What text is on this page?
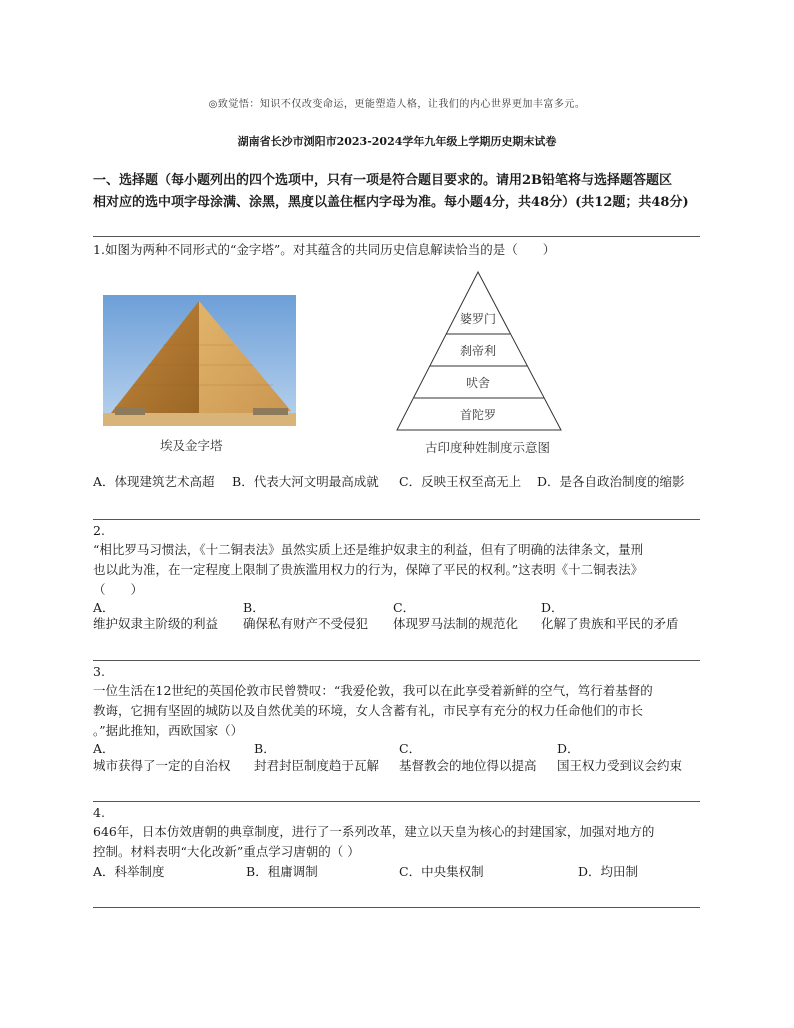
◎致觉悟：知识不仅改变命运，更能塑造人格，让我们的内心世界更加丰富多元。
湖南省长沙市浏阳市2023-2024学年九年级上学期历史期末试卷
一、选择题（每小题列出的四个选项中，只有一项是符合题目要求的。请用2B铅笔将与选择题答题区
相对应的选中项字母涂满、涂黑，黑度以盖住框内字母为准。每小题4分，共48分）(共12题；共48分)
1.如图为两种不同形式的“金字塔”。对其蕴含的共同历史信息解读恰当的是（　　）
埃及金字塔
婆罗门
刹帝利
吠舍
首陀罗
古印度种姓制度示意图
A．体现建筑艺术高超 B．代表大河文明最高成就 C．反映王权至高无上 D．是各自政治制度的缩影
2.
“相比罗马习惯法，《十二铜表法》虽然实质上还是维护奴隶主的利益，但有了明确的法律条文，量刑
也以此为准，在一定程度上限制了贵族滥用权力的行为，保障了平民的权利。”这表明《十二铜表法》
（　　）
A．	B．	C．	D．
维护奴隶主阶级的利益 确保私有财产不受侵犯 体现罗马法制的规范化 化解了贵族和平民的矛盾
3.
一位生活在12世纪的英国伦敦市民曾赞叹：“我爱伦敦，我可以在此享受着新鲜的空气，笃行着基督的
教诲，它拥有坚固的城防以及自然优美的环境，女人含蓄有礼，市民享有充分的权力任命他们的市长
。”据此推知，西欧国家（）
A．	B．	C．	D．
城市获得了一定的自治权 封君封臣制度趋于瓦解 基督教会的地位得以提高 国王权力受到议会约束
4.
646年，日本仿效唐朝的典章制度，进行了一系列改革，建立以天皇为核心的封建国家，加强对地方的
控制。材料表明“大化改新”重点学习唐朝的（ ）
A．科举制度	B．租庸调制	C．中央集权制	D．均田制
